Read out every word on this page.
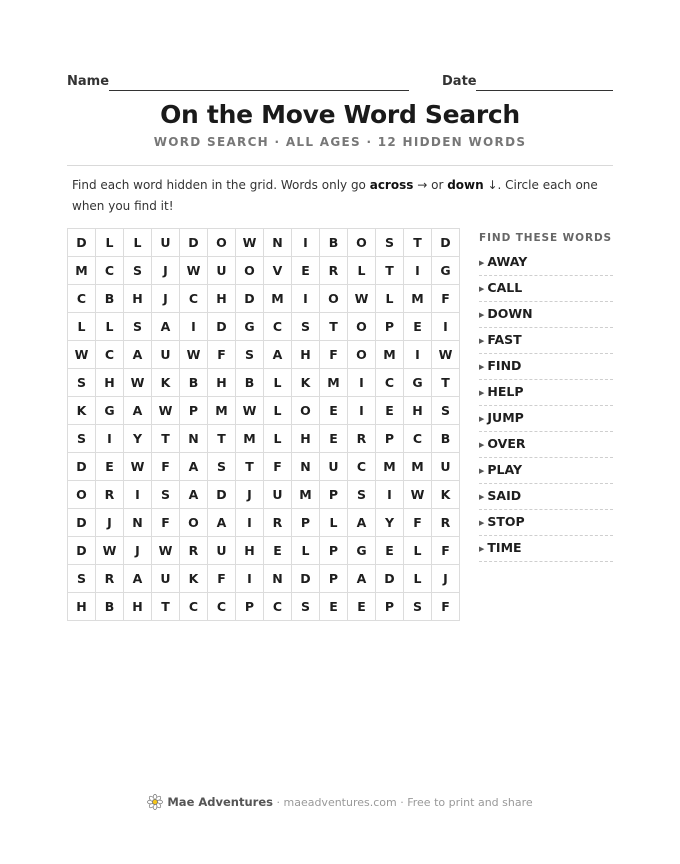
Name	Date
On the Move Word Search
WORD SEARCH · ALL AGES · 12 HIDDEN WORDS
Find each word hidden in the grid. Words only go across → or down ↓. Circle each one when you find it!
D	L	L	U	D	O	W	N	I	B	O	S	T	D
M	C	S	J	W	U	O	V	E	R	L	T	I	G
C	B	H	J	C	H	D	M	I	O	W	L	M	F
L	L	S	A	I	D	G	C	S	T	O	P	E	I
W	C	A	U	W	F	S	A	H	F	O	M	I	W
S	H	W	K	B	H	B	L	K	M	I	C	G	T
K	G	A	W	P	M	W	L	O	E	I	E	H	S
S	I	Y	T	N	T	M	L	H	E	R	P	C	B
D	E	W	F	A	S	T	F	N	U	C	M	M	U
O	R	I	S	A	D	J	U	M	P	S	I	W	K
D	J	N	F	O	A	I	R	P	L	A	Y	F	R
D	W	J	W	R	U	H	E	L	P	G	E	L	F
S	R	A	U	K	F	I	N	D	P	A	D	L	J
H	B	H	T	C	C	P	C	S	E	E	P	S	F
FIND THESE WORDS
▶ AWAY
▶ CALL
▶ DOWN
▶ FAST
▶ FIND
▶ HELP
▶ JUMP
▶ OVER
▶ PLAY
▶ SAID
▶ STOP
▶ TIME
Mae Adventures · maeadventures.com · Free to print and share
